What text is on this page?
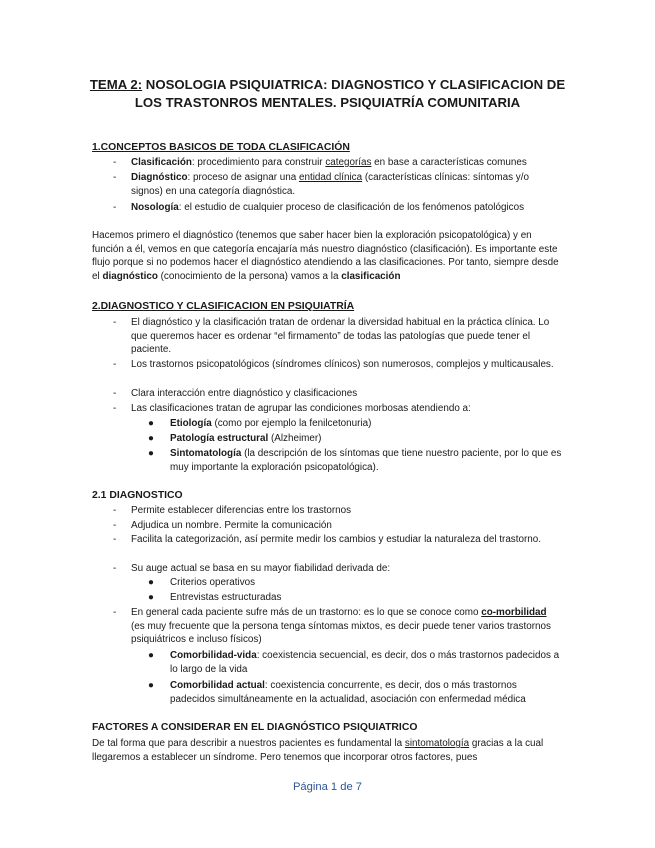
TEMA 2: NOSOLOGIA PSIQUIATRICA: DIAGNOSTICO Y CLASIFICACION DE
LOS TRASTONROS MENTALES. PSIQUIATRÍA COMUNITARIA
1.CONCEPTOS BASICOS DE TODA CLASIFICACIÓN
-	Clasificación: procedimiento para construir categorías en base a características comunes
-	Diagnóstico: proceso de asignar una entidad clínica (características clínicas: síntomas y/o signos) en una categoría diagnóstica.
-	Nosología: el estudio de cualquier proceso de clasificación de los fenómenos patológicos
Hacemos primero el diagnóstico (tenemos que saber hacer bien la exploración psicopatológica) y en función a él, vemos en que categoría encajaría más nuestro diagnóstico (clasificación). Es importante este flujo porque si no podemos hacer el diagnóstico atendiendo a las clasificaciones. Por tanto, siempre desde el diagnóstico (conocimiento de la persona) vamos a la clasificación
2.DIAGNOSTICO Y CLASIFICACION EN PSIQUIATRÍA
-	El diagnóstico y la clasificación tratan de ordenar la diversidad habitual en la práctica clínica. Lo que queremos hacer es ordenar “el firmamento” de todas las patologías que puede tener el paciente.
-	Los trastornos psicopatológicos (síndromes clínicos) son numerosos, complejos y multicausales.
-	Clara interacción entre diagnóstico y clasificaciones
-	Las clasificaciones tratan de agrupar las condiciones morbosas atendiendo a:
●	Etiología (como por ejemplo la fenilcetonuria)
●	Patología estructural (Alzheimer)
●	Sintomatología (la descripción de los síntomas que tiene nuestro paciente, por lo que es muy importante la exploración psicopatológica).
2.1 DIAGNOSTICO
-	Permite establecer diferencias entre los trastornos
-	Adjudica un nombre. Permite la comunicación
-	Facilita la categorización, así permite medir los cambios y estudiar la naturaleza del trastorno.
-	Su auge actual se basa en su mayor fiabilidad derivada de:
●	Criterios operativos
●	Entrevistas estructuradas
-	En general cada paciente sufre más de un trastorno: es lo que se conoce como co-morbilidad (es muy frecuente que la persona tenga síntomas mixtos, es decir puede tener varios trastornos psiquiátricos e incluso físicos)
●	Comorbilidad-vida: coexistencia secuencial, es decir, dos o más trastornos padecidos a lo largo de la vida
●	Comorbilidad actual: coexistencia concurrente, es decir, dos o más trastornos padecidos simultáneamente en la actualidad, asociación con enfermedad médica
FACTORES A CONSIDERAR EN EL DIAGNÓSTICO PSIQUIATRICO
De tal forma que para describir a nuestros pacientes es fundamental la sintomatología gracias a la cual llegaremos a establecer un síndrome. Pero tenemos que incorporar otros factores, pues
Página 1 de 7
